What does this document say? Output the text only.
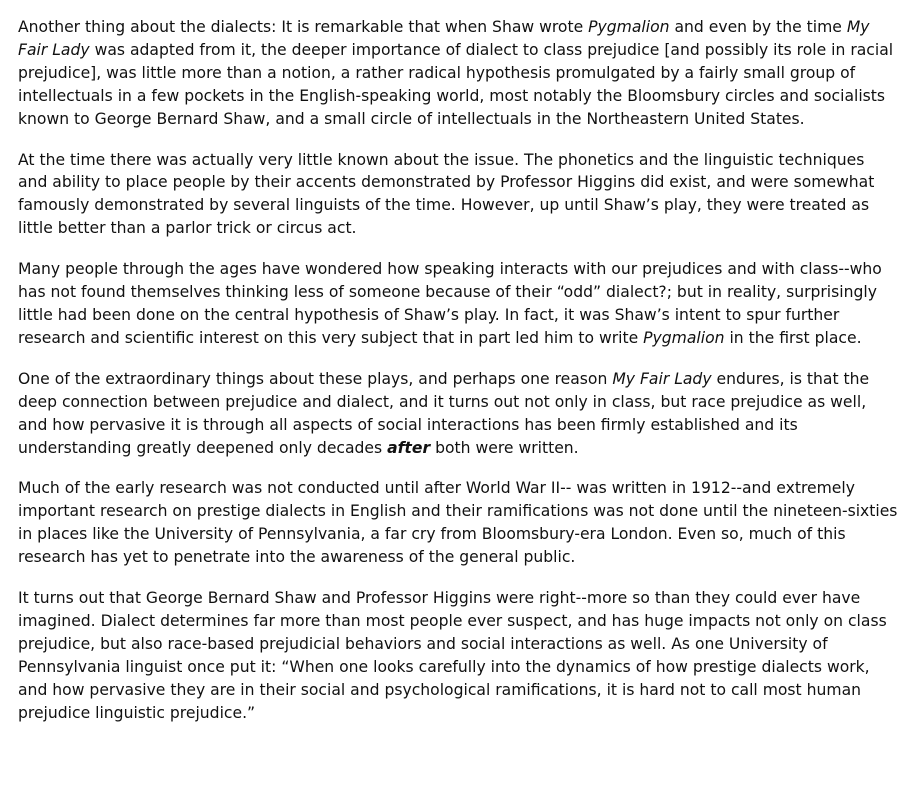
Another thing about the dialects: It is remarkable that when Shaw wrote Pygmalion and even by the time My Fair Lady was adapted from it, the deeper importance of dialect to class prejudice [and possibly its role in racial prejudice], was little more than a notion, a rather radical hypothesis promulgated by a fairly small group of intellectuals in a few pockets in the English-speaking world, most notably the Bloomsbury circles and socialists known to George Bernard Shaw, and a small circle of intellectuals in the Northeastern United States.

At the time there was actually very little known about the issue. The phonetics and the linguistic techniques and ability to place people by their accents demonstrated by Professor Higgins did exist, and were somewhat famously demonstrated by several linguists of the time. However, up until Shaw’s play, they were treated as little better than a parlor trick or circus act.

Many people through the ages have wondered how speaking interacts with our prejudices and with class--who has not found themselves thinking less of someone because of their “odd” dialect?; but in reality, surprisingly little had been done on the central hypothesis of Shaw’s play. In fact, it was Shaw’s intent to spur further research and scientific interest on this very subject that in part led him to write Pygmalion in the first place.

One of the extraordinary things about these plays, and perhaps one reason My Fair Lady endures, is that the deep connection between prejudice and dialect, and it turns out not only in class, but race prejudice as well, and how pervasive it is through all aspects of social interactions has been firmly established and its understanding greatly deepened only decades after both were written.

Much of the early research was not conducted until after World War II-- was written in 1912--and extremely important research on prestige dialects in English and their ramifications was not done until the nineteen-sixties in places like the University of Pennsylvania, a far cry from Bloomsbury-era London. Even so, much of this research has yet to penetrate into the awareness of the general public.

It turns out that George Bernard Shaw and Professor Higgins were right--more so than they could ever have imagined. Dialect determines far more than most people ever suspect, and has huge impacts not only on class prejudice, but also race-based prejudicial behaviors and social interactions as well. As one University of Pennsylvania linguist once put it: “When one looks carefully into the dynamics of how prestige dialects work, and how pervasive they are in their social and psychological ramifications, it is hard not to call most human prejudice linguistic prejudice.”
